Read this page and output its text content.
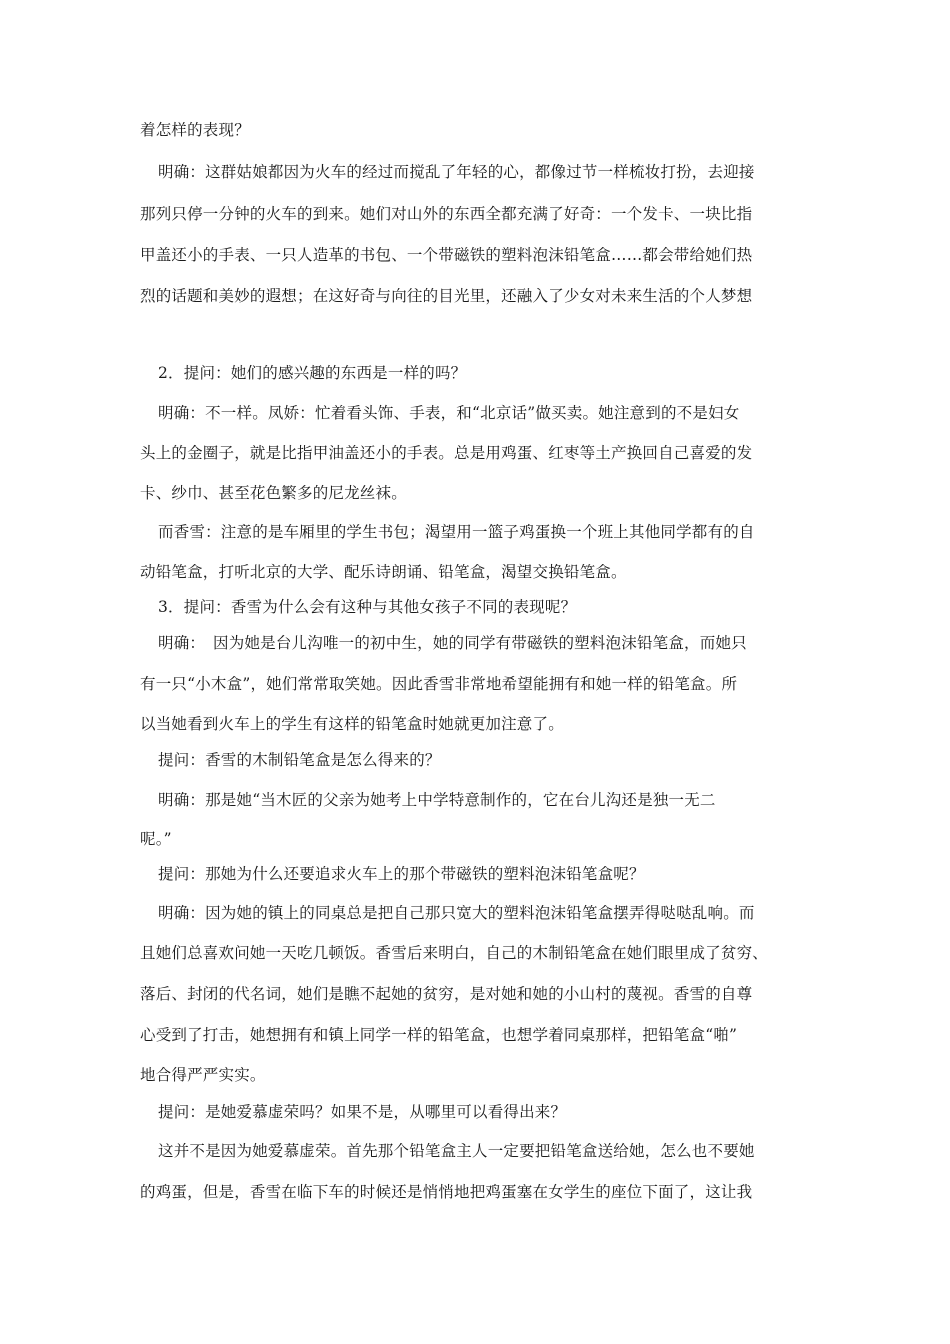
着怎样的表现？
明确：这群姑娘都因为火车的经过而搅乱了年轻的心，都像过节一样梳妆打扮，去迎接
那列只停一分钟的火车的到来。她们对山外的东西全都充满了好奇：一个发卡、一块比指
甲盖还小的手表、一只人造革的书包、一个带磁铁的塑料泡沫铅笔盒……都会带给她们热
烈的话题和美妙的遐想；在这好奇与向往的目光里，还融入了少女对未来生活的个人梦想
2．提问：她们的感兴趣的东西是一样的吗？
明确：不一样。凤娇：忙着看头饰、手表，和“北京话”做买卖。她注意到的不是妇女
头上的金圈子，就是比指甲油盖还小的手表。总是用鸡蛋、红枣等土产换回自己喜爱的发
卡、纱巾、甚至花色繁多的尼龙丝袜。
而香雪：注意的是车厢里的学生书包；渴望用一篮子鸡蛋换一个班上其他同学都有的自
动铅笔盒，打听北京的大学、配乐诗朗诵、铅笔盒，渴望交换铅笔盒。
3．提问：香雪为什么会有这种与其他女孩子不同的表现呢？
明确：　因为她是台儿沟唯一的初中生，她的同学有带磁铁的塑料泡沫铅笔盒，而她只
有一只“小木盒”，她们常常取笑她。因此香雪非常地希望能拥有和她一样的铅笔盒。所
以当她看到火车上的学生有这样的铅笔盒时她就更加注意了。
提问：香雪的木制铅笔盒是怎么得来的？
明确：那是她“当木匠的父亲为她考上中学特意制作的，它在台儿沟还是独一无二
呢。”
提问：那她为什么还要追求火车上的那个带磁铁的塑料泡沫铅笔盒呢？
明确：因为她的镇上的同桌总是把自己那只宽大的塑料泡沫铅笔盒摆弄得哒哒乱响。而
且她们总喜欢问她一天吃几顿饭。香雪后来明白，自己的木制铅笔盒在她们眼里成了贫穷、
落后、封闭的代名词，她们是瞧不起她的贫穷，是对她和她的小山村的蔑视。香雪的自尊
心受到了打击，她想拥有和镇上同学一样的铅笔盒，也想学着同桌那样，把铅笔盒“啪”
地合得严严实实。
提问：是她爱慕虚荣吗？如果不是，从哪里可以看得出来？
这并不是因为她爱慕虚荣。首先那个铅笔盒主人一定要把铅笔盒送给她，怎么也不要她
的鸡蛋，但是，香雪在临下车的时候还是悄悄地把鸡蛋塞在女学生的座位下面了，这让我
